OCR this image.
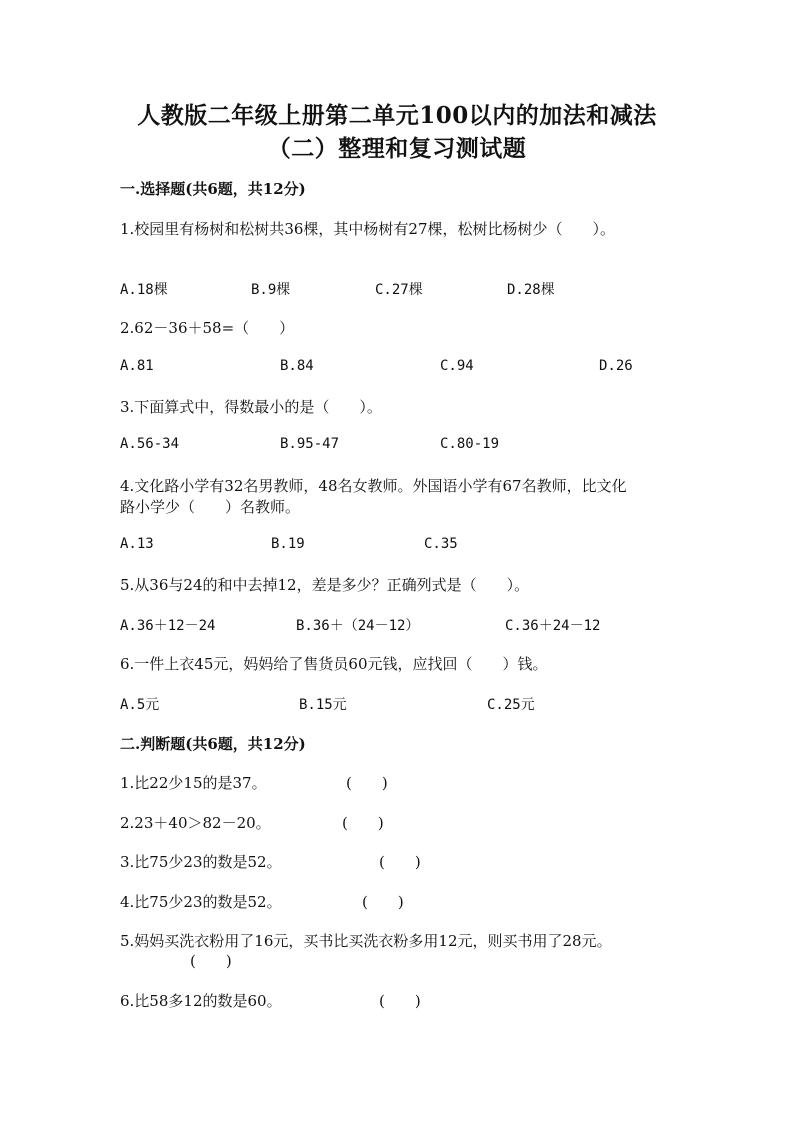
人教版二年级上册第二单元100以内的加法和减法
（二）整理和复习测试题
一.选择题(共6题，共12分)
1.校园里有杨树和松树共36棵，其中杨树有27棵，松树比杨树少（　　）。
A.18棵	B.9棵	C.27棵	D.28棵
2.62－36＋58=（　　）
A.81	B.84	C.94	D.26
3.下面算式中，得数最小的是（　　）。
A.56-34	B.95-47	C.80-19
4.文化路小学有32名男教师，48名女教师。外国语小学有67名教师，比文化
路小学少（　　）名教师。
A.13	B.19	C.35
5.从36与24的和中去掉12，差是多少？正确列式是（　　）。
A.36＋12－24	B.36＋（24－12）	C.36＋24－12
6.一件上衣45元，妈妈给了售货员60元钱，应找回（　　）钱。
A.5元	B.15元	C.25元
二.判断题(共6题，共12分)
1.比22少15的是37。	(　　)
2.23＋40＞82－20。	(　　)
3.比75少23的数是52。	(　　)
4.比75少23的数是52。	(　　)
5.妈妈买洗衣粉用了16元，买书比买洗衣粉多用12元，则买书用了28元。
(　　)
6.比58多12的数是60。	(　　)
